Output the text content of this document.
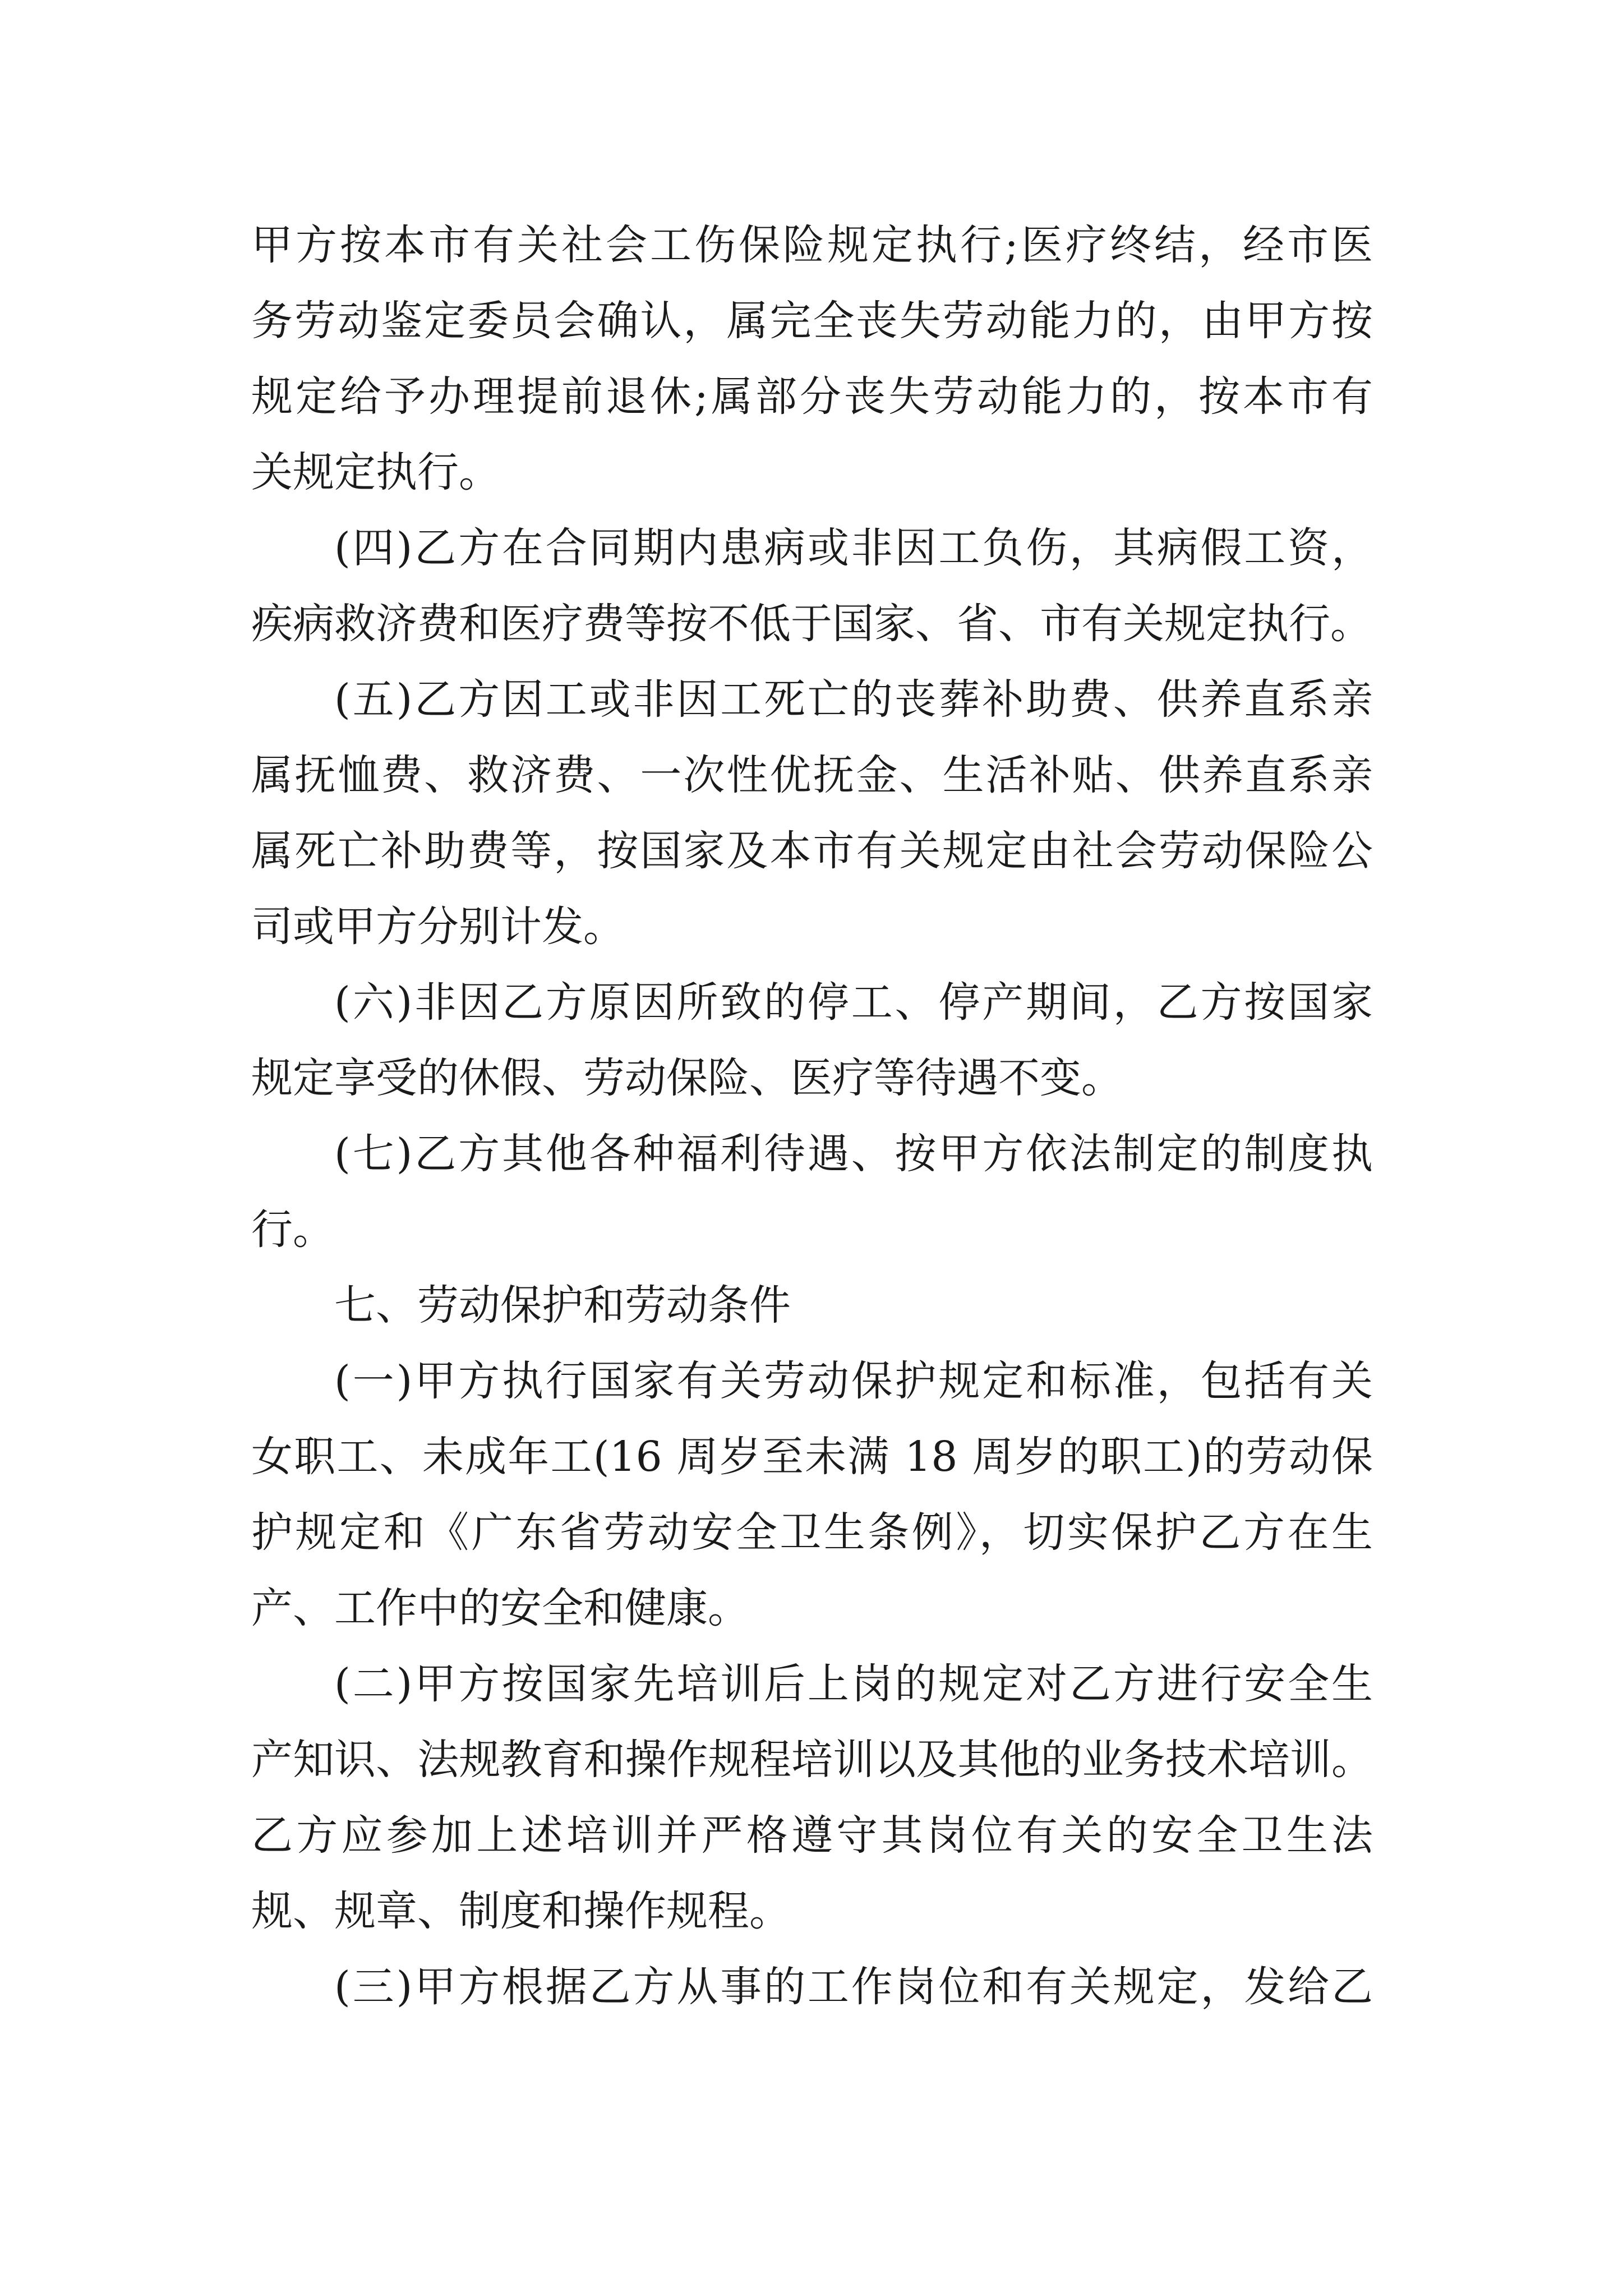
甲方按本市有关社会工伤保险规定执行;医疗终结，经市医
务劳动鉴定委员会确认，属完全丧失劳动能力的，由甲方按
规定给予办理提前退休;属部分丧失劳动能力的，按本市有
关规定执行。
(四)乙方在合同期内患病或非因工负伤，其病假工资，
疾病救济费和医疗费等按不低于国家、省、市有关规定执行。
(五)乙方因工或非因工死亡的丧葬补助费、供养直系亲
属抚恤费、救济费、一次性优抚金、生活补贴、供养直系亲
属死亡补助费等，按国家及本市有关规定由社会劳动保险公
司或甲方分别计发。
(六)非因乙方原因所致的停工、停产期间，乙方按国家
规定享受的休假、劳动保险、医疗等待遇不变。
(七)乙方其他各种福利待遇、按甲方依法制定的制度执
行。
七、劳动保护和劳动条件
(一)甲方执行国家有关劳动保护规定和标准，包括有关
女职工、未成年工(16 周岁至未满 18 周岁的职工)的劳动保
护规定和《广东省劳动安全卫生条例》，切实保护乙方在生
产、工作中的安全和健康。
(二)甲方按国家先培训后上岗的规定对乙方进行安全生
产知识、法规教育和操作规程培训以及其他的业务技术培训。
乙方应参加上述培训并严格遵守其岗位有关的安全卫生法
规、规章、制度和操作规程。
(三)甲方根据乙方从事的工作岗位和有关规定，发给乙
